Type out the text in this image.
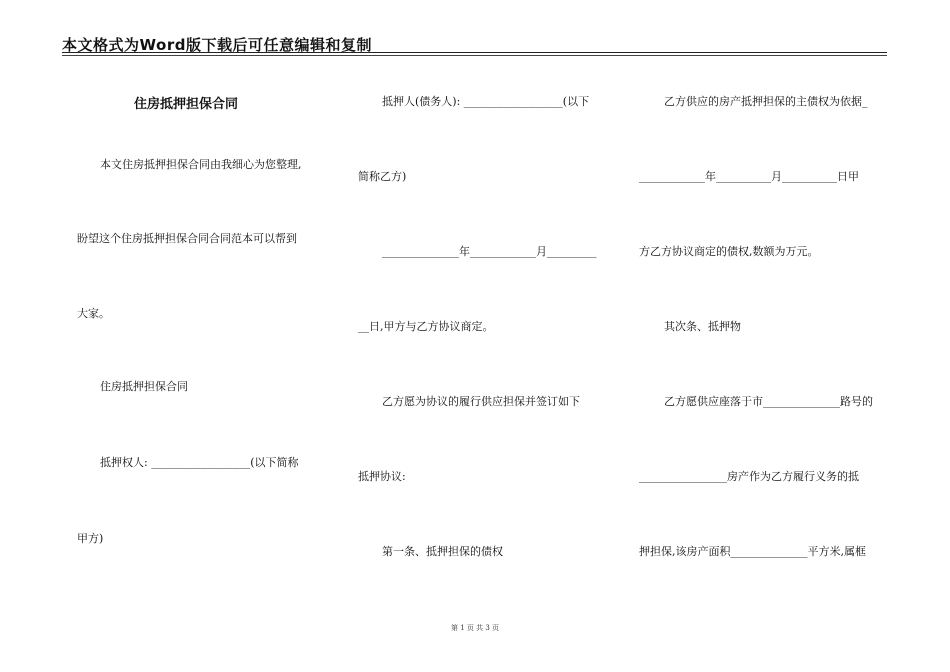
本文格式为Word版下载后可任意编辑和复制
住房抵押担保合同
本文住房抵押担保合同由我细心为您整理,
盼望这个住房抵押担保合同合同范本可以帮到
大家。
住房抵押担保合同
抵押权人: __________________(以下简称
甲方)
抵押人(债务人): __________________(以下
简称乙方)
______________年____________月_________
__日,甲方与乙方协议商定。
乙方愿为协议的履行供应担保并签订如下
抵押协议:
第一条、抵押担保的债权
乙方供应的房产抵押担保的主债权为依据_
____________年__________月__________日甲
方乙方协议商定的债权,数额为万元。
其次条、抵押物
乙方愿供应座落于市______________路号的
________________房产作为乙方履行义务的抵
押担保,该房产面积______________平方米,属框
第 1 页 共 3 页
